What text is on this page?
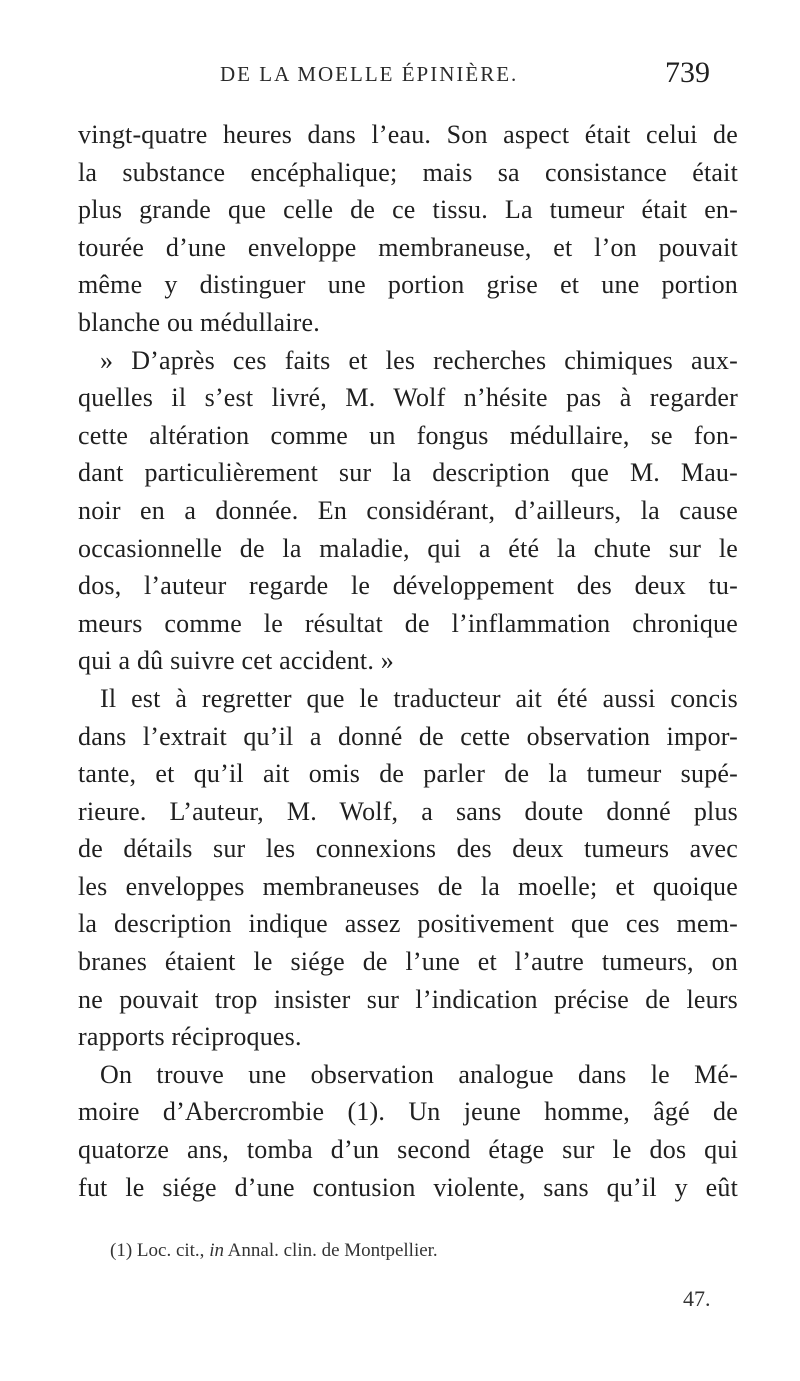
DE LA MOELLE ÉPINIÈRE.	739
vingt-quatre heures dans l’eau. Son aspect était celui de
la substance encéphalique; mais sa consistance était
plus grande que celle de ce tissu. La tumeur était en-
tourée d’une enveloppe membraneuse, et l’on pouvait
même y distinguer une portion grise et une portion
blanche ou médullaire.
» D’après ces faits et les recherches chimiques aux-
quelles il s’est livré, M. Wolf n’hésite pas à regarder
cette altération comme un fongus médullaire, se fon-
dant particulièrement sur la description que M. Mau-
noir en a donnée. En considérant, d’ailleurs, la cause
occasionnelle de la maladie, qui a été la chute sur le
dos, l’auteur regarde le développement des deux tu-
meurs comme le résultat de l’inflammation chronique
qui a dû suivre cet accident. »
Il est à regretter que le traducteur ait été aussi concis
dans l’extrait qu’il a donné de cette observation impor-
tante, et qu’il ait omis de parler de la tumeur supé-
rieure. L’auteur, M. Wolf, a sans doute donné plus
de détails sur les connexions des deux tumeurs avec
les enveloppes membraneuses de la moelle; et quoique
la description indique assez positivement que ces mem-
branes étaient le siége de l’une et l’autre tumeurs, on
ne pouvait trop insister sur l’indication précise de leurs
rapports réciproques.
On trouve une observation analogue dans le Mé-
moire d’Abercrombie (1). Un jeune homme, âgé de
quatorze ans, tomba d’un second étage sur le dos qui
fut le siége d’une contusion violente, sans qu’il y eût
(1) Loc. cit., in Annal. clin. de Montpellier.
47.
